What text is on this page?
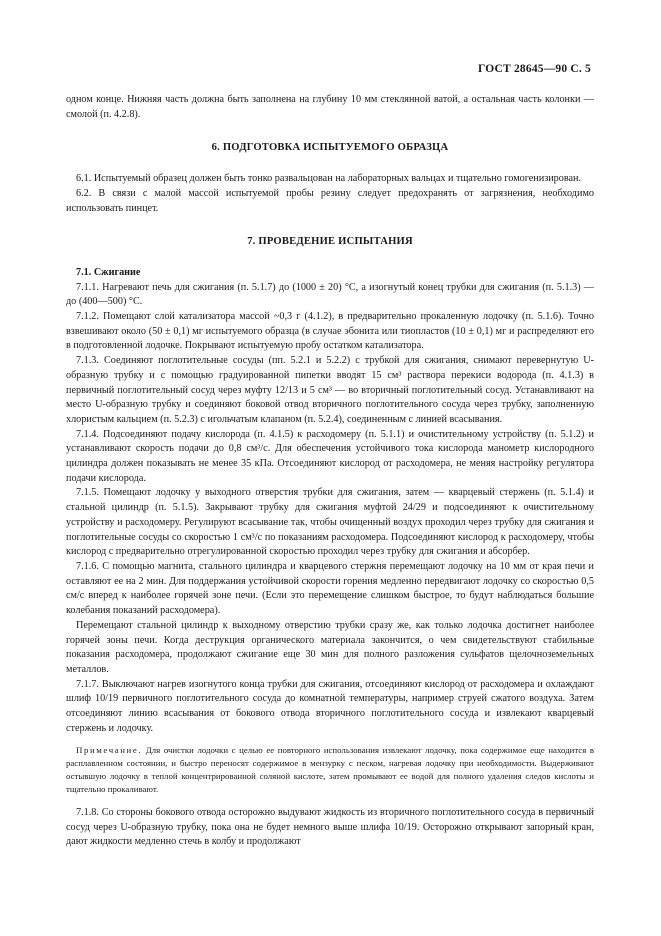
ГОСТ 28645—90 С. 5

одном конце. Нижняя часть должна быть заполнена на глубину 10 мм стеклянной ватой, а остальная часть колонки — смолой (п. 4.2.8).

6. ПОДГОТОВКА ИСПЫТУЕМОГО ОБРАЗЦА

6.1. Испытуемый образец должен быть тонко развальцован на лабораторных вальцах и тщательно гомогенизирован.

6.2. В связи с малой массой испытуемой пробы резину следует предохранять от загрязнения, необходимо использовать пинцет.

7. ПРОВЕДЕНИЕ ИСПЫТАНИЯ

7.1. Сжигание

7.1.1. Нагревают печь для сжигания (п. 5.1.7) до (1000 ± 20) °С, а изогнутый конец трубки для сжигания (п. 5.1.3) — до (400—500) °С.

7.1.2. Помещают слой катализатора массой ~0,3 г (4.1.2), в предварительно прокаленную лодочку (п. 5.1.6). Точно взвешивают около (50 ± 0,1) мг испытуемого образца (в случае эбонита или тиопластов (10 ± 0,1) мг и распределяют его в подготовленной лодочке. Покрывают испытуемую пробу остатком катализатора.

7.1.3. Соединяют поглотительные сосуды (пп. 5.2.1 и 5.2.2) с трубкой для сжигания, снимают перевернутую U-образную трубку и с помощью градуированной пипетки вводят 15 см³ раствора перекиси водорода (п. 4.1.3) в первичный поглотительный сосуд через муфту 12/13 и 5 см³ — во вторичный поглотительный сосуд. Устанавливают на место U-образную трубку и соединяют боковой отвод вторичного поглотительного сосуда через трубку, заполненную хлористым кальцием (п. 5.2.3) с игольчатым клапаном (п. 5.2.4), соединенным с линией всасывания.

7.1.4. Подсоединяют подачу кислорода (п. 4.1.5) к расходомеру (п. 5.1.1) и очистительному устройству (п. 5.1.2) и устанавливают скорость подачи до 0,8 см³/с. Для обеспечения устойчивого тока кислорода манометр кислородного цилиндра должен показывать не менее 35 кПа. Отсоединяют кислород от расходомера, не меняя настройку регулятора подачи кислорода.

7.1.5. Помещают лодочку у выходного отверстия трубки для сжигания, затем — кварцевый стержень (п. 5.1.4) и стальной цилиндр (п. 5.1.5). Закрывают трубку для сжигания муфтой 24/29 и подсоединяют к очистительному устройству и расходомеру. Регулируют всасывание так, чтобы очищенный воздух проходил через трубку для сжигания и поглотительные сосуды со скоростью 1 см³/с по показаниям расходомера. Подсоединяют кислород к расходомеру, чтобы кислород с предварительно отрегулированной скоростью проходил через трубку для сжигания и абсорбер.

7.1.6. С помощью магнита, стального цилиндра и кварцевого стержня перемещают лодочку на 10 мм от края печи и оставляют ее на 2 мин. Для поддержания устойчивой скорости горения медленно передвигают лодочку со скоростью 0,5 см/с вперед к наиболее горячей зоне печи. (Если это перемещение слишком быстрое, то будут наблюдаться большие колебания показаний расходомера).

Перемещают стальной цилиндр к выходному отверстию трубки сразу же, как только лодочка достигнет наиболее горячей зоны печи. Когда деструкция органического материала закончится, о чем свидетельствуют стабильные показания расходомера, продолжают сжигание еще 30 мин для полного разложения сульфатов щелочноземельных металлов.

7.1.7. Выключают нагрев изогнутого конца трубки для сжигания, отсоединяют кислород от расходомера и охлаждают шлиф 10/19 первичного поглотительного сосуда до комнатной температуры, например струей сжатого воздуха. Затем отсоединяют линию всасывания от бокового отвода вторичного поглотительного сосуда и извлекают кварцевый стержень и лодочку.

Примечание. Для очистки лодочки с целью ее повторного использования извлекают лодочку, пока содержимое еще находится в расплавленном состоянии, и быстро переносят содержимое в мензурку с песком, нагревая лодочку при необходимости. Выдерживают остывшую лодочку в теплой концентрированной соляной кислоте, затем промывают ее водой для полного удаления следов кислоты и тщательно прокаливают.

7.1.8. Со стороны бокового отвода осторожно выдувают жидкость из вторичного поглотительного сосуда в первичный сосуд через U-образную трубку, пока она не будет немного выше шлифа 10/19. Осторожно открывают запорный кран, дают жидкости медленно стечь в колбу и продолжают
